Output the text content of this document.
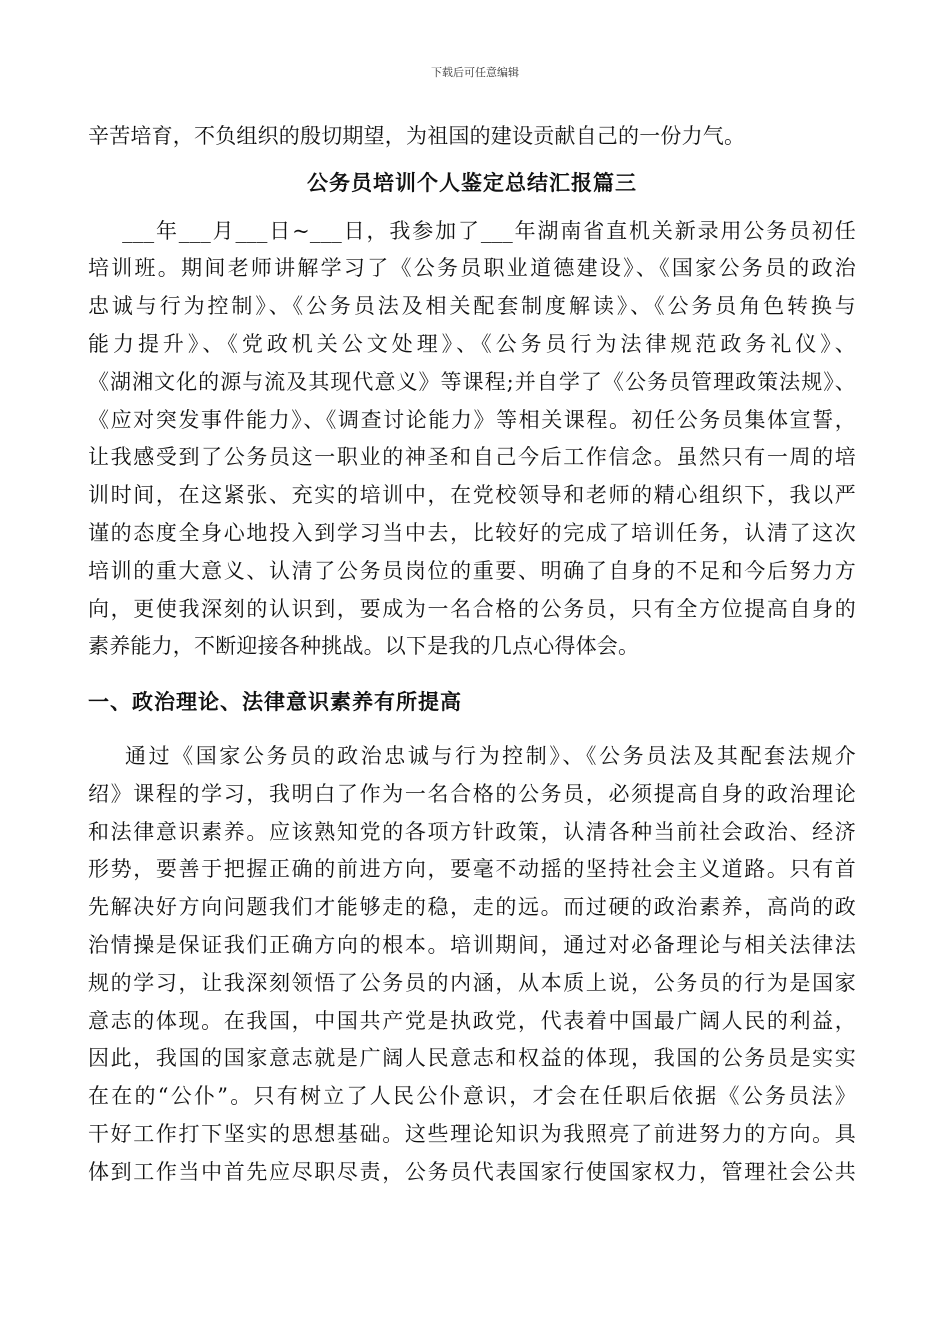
下载后可任意编辑
辛苦培育，不负组织的殷切期望，为祖国的建设贡献自己的一份力气。
公务员培训个人鉴定总结汇报篇三
___年___月___日~___日，我参加了___年湖南省直机关新录用公务员初任
培训班。期间老师讲解学习了《公务员职业道德建设》、《国家公务员的政治
忠诚与行为控制》、《公务员法及相关配套制度解读》、《公务员角色转换与
能力提升》、《党政机关公文处理》、《公务员行为法律规范政务礼仪》、
《湖湘文化的源与流及其现代意义》等课程;并自学了《公务员管理政策法规》、
《应对突发事件能力》、《调查讨论能力》等相关课程。初任公务员集体宣誓，
让我感受到了公务员这一职业的神圣和自己今后工作信念。虽然只有一周的培
训时间，在这紧张、充实的培训中，在党校领导和老师的精心组织下，我以严
谨的态度全身心地投入到学习当中去，比较好的完成了培训任务，认清了这次
培训的重大意义、认清了公务员岗位的重要、明确了自身的不足和今后努力方
向，更使我深刻的认识到，要成为一名合格的公务员，只有全方位提高自身的
素养能力，不断迎接各种挑战。以下是我的几点心得体会。
一、政治理论、法律意识素养有所提高
通过《国家公务员的政治忠诚与行为控制》、《公务员法及其配套法规介
绍》课程的学习，我明白了作为一名合格的公务员，必须提高自身的政治理论
和法律意识素养。应该熟知党的各项方针政策，认清各种当前社会政治、经济
形势，要善于把握正确的前进方向，要毫不动摇的坚持社会主义道路。只有首
先解决好方向问题我们才能够走的稳，走的远。而过硬的政治素养，高尚的政
治情操是保证我们正确方向的根本。培训期间，通过对必备理论与相关法律法
规的学习，让我深刻领悟了公务员的内涵，从本质上说，公务员的行为是国家
意志的体现。在我国，中国共产党是执政党，代表着中国最广阔人民的利益，
因此，我国的国家意志就是广阔人民意志和权益的体现，我国的公务员是实实
在在的“公仆”。只有树立了人民公仆意识，才会在任职后依据《公务员法》
干好工作打下坚实的思想基础。这些理论知识为我照亮了前进努力的方向。具
体到工作当中首先应尽职尽责，公务员代表国家行使国家权力，管理社会公共
